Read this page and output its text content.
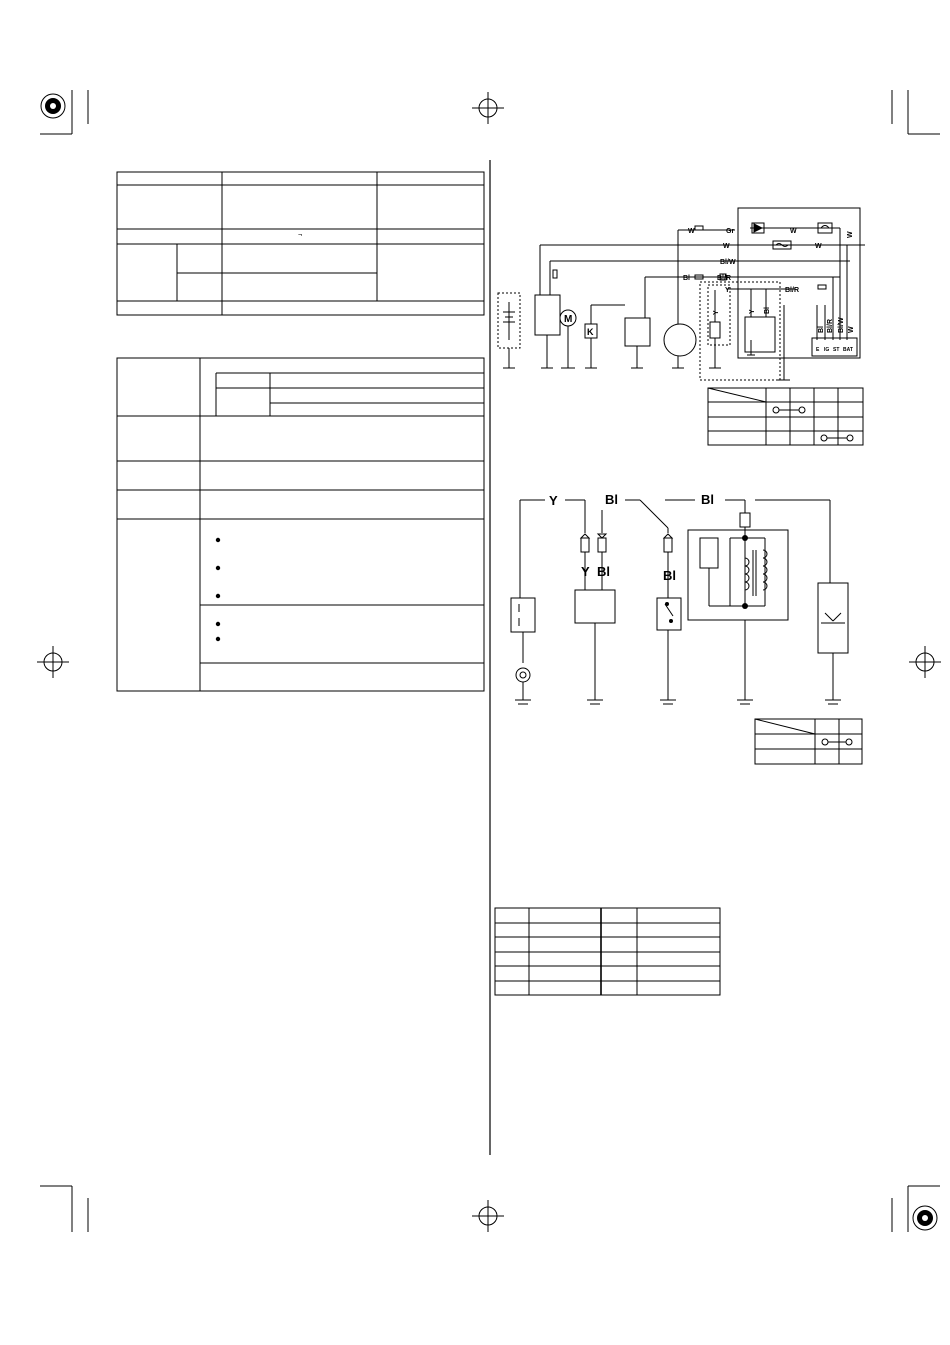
¬
W	Gr	W
W	W
Bl/W
Bl	Bl/R
Y	Bl/R
W
Y	Y Bl
Bl Bl/R Bl/W W
M
K
E IG ST BAT
Y	Bl	Bl
Y Bl	Bl
